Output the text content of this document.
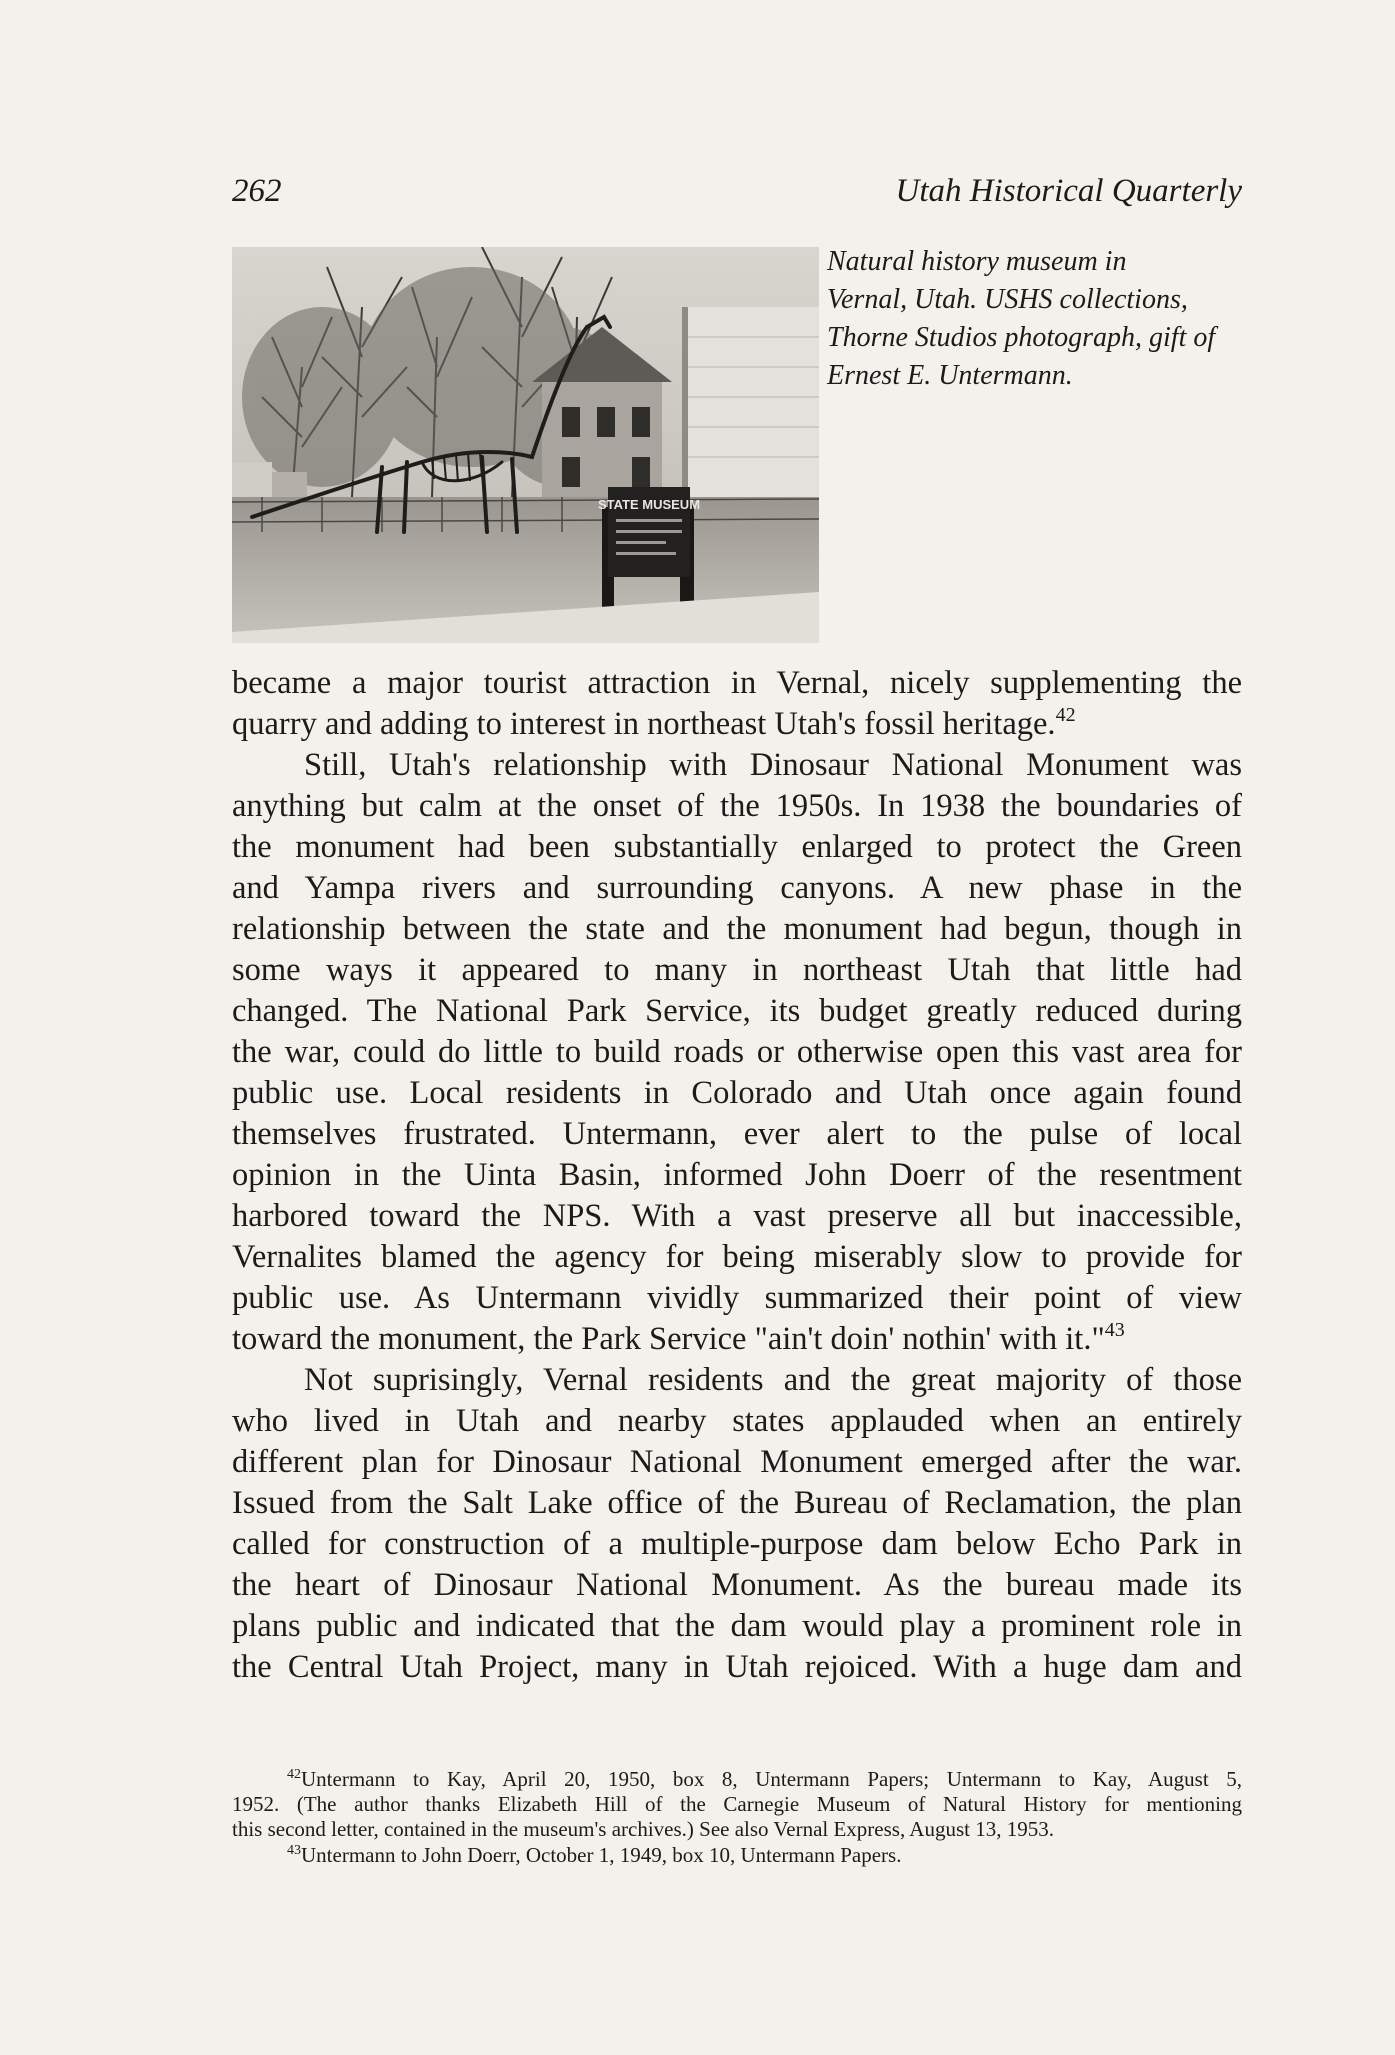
262	Utah Historical Quarterly
STATE MUSEUM
Natural history museum in
Vernal, Utah. USHS collections,
Thorne Studios photograph, gift of
Ernest E. Untermann.
became a major tourist attraction in Vernal, nicely supplementing the
quarry and adding to interest in northeast Utah's fossil heritage.$^{42}$
Still, Utah's relationship with Dinosaur National Monument was
anything but calm at the onset of the 1950s. In 1938 the boundaries of
the monument had been substantially enlarged to protect the Green
and Yampa rivers and surrounding canyons. A new phase in the
relationship between the state and the monument had begun, though in
some ways it appeared to many in northeast Utah that little had
changed. The National Park Service, its budget greatly reduced during
the war, could do little to build roads or otherwise open this vast area for
public use. Local residents in Colorado and Utah once again found
themselves frustrated. Untermann, ever alert to the pulse of local
opinion in the Uinta Basin, informed John Doerr of the resentment
harbored toward the NPS. With a vast preserve all but inaccessible,
Vernalites blamed the agency for being miserably slow to provide for
public use. As Untermann vividly summarized their point of view
toward the monument, the Park Service "ain't doin' nothin' with it."$^{43}$
Not suprisingly, Vernal residents and the great majority of those
who lived in Utah and nearby states applauded when an entirely
different plan for Dinosaur National Monument emerged after the war.
Issued from the Salt Lake office of the Bureau of Reclamation, the plan
called for construction of a multiple-purpose dam below Echo Park in
the heart of Dinosaur National Monument. As the bureau made its
plans public and indicated that the dam would play a prominent role in
the Central Utah Project, many in Utah rejoiced. With a huge dam and
$^{42}$Untermann to Kay, April 20, 1950, box 8, Untermann Papers; Untermann to Kay, August 5,
1952. (The author thanks Elizabeth Hill of the Carnegie Museum of Natural History for mentioning
this second letter, contained in the museum's archives.) See also Vernal Express, August 13, 1953.
$^{43}$Untermann to John Doerr, October 1, 1949, box 10, Untermann Papers.
